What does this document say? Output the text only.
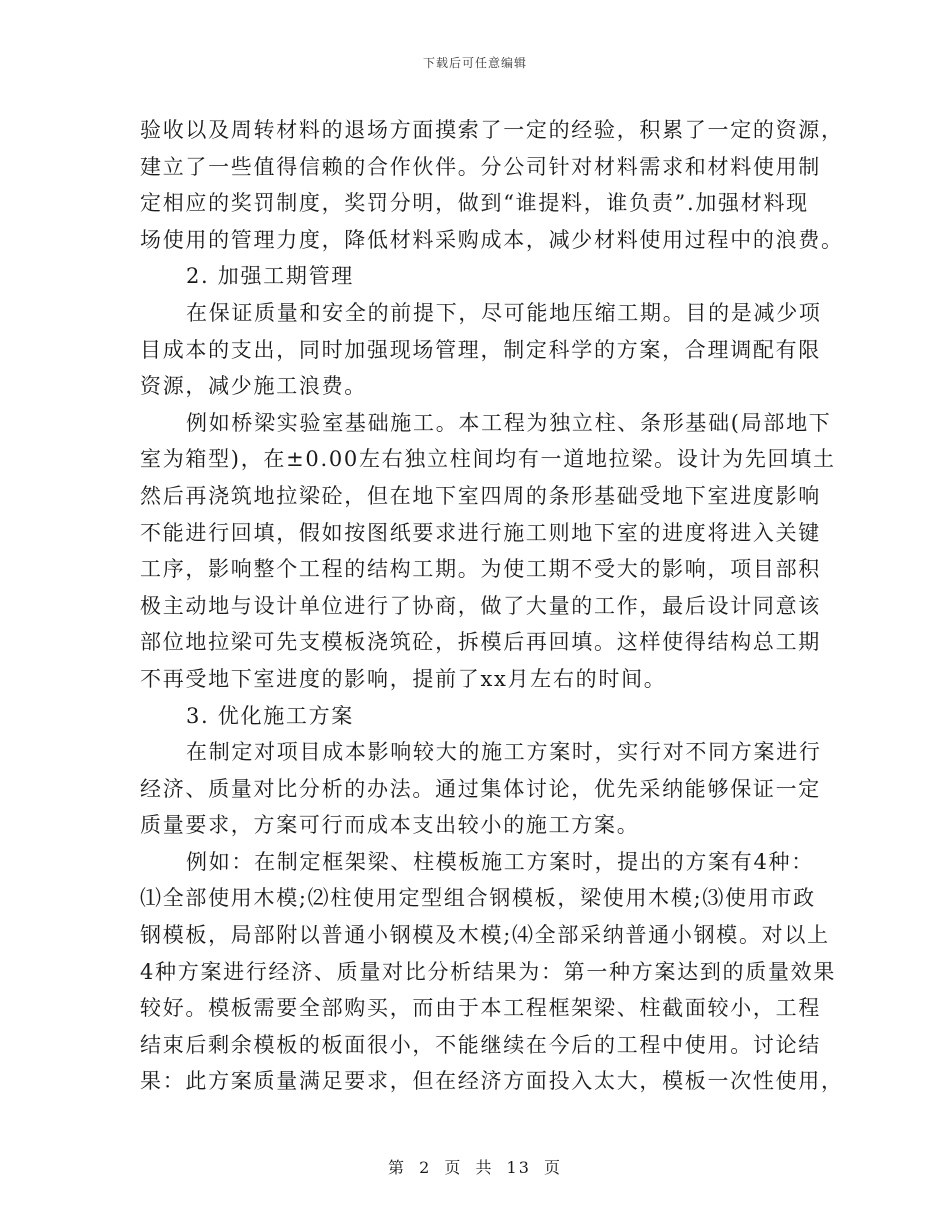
下载后可任意编辑
验收以及周转材料的退场方面摸索了一定的经验，积累了一定的资源，
建立了一些值得信赖的合作伙伴。分公司针对材料需求和材料使用制
定相应的奖罚制度，奖罚分明，做到“谁提料，谁负责”.加强材料现
场使用的管理力度，降低材料采购成本，减少材料使用过程中的浪费。
2. 加强工期管理
在保证质量和安全的前提下，尽可能地压缩工期。目的是减少项
目成本的支出，同时加强现场管理，制定科学的方案，合理调配有限
资源，减少施工浪费。
例如桥梁实验室基础施工。本工程为独立柱、条形基础(局部地下
室为箱型)，在±0.00左右独立柱间均有一道地拉梁。设计为先回填土
然后再浇筑地拉梁砼，但在地下室四周的条形基础受地下室进度影响
不能进行回填，假如按图纸要求进行施工则地下室的进度将进入关键
工序，影响整个工程的结构工期。为使工期不受大的影响，项目部积
极主动地与设计单位进行了协商，做了大量的工作，最后设计同意该
部位地拉梁可先支模板浇筑砼，拆模后再回填。这样使得结构总工期
不再受地下室进度的影响，提前了xx月左右的时间。
3. 优化施工方案
在制定对项目成本影响较大的施工方案时，实行对不同方案进行
经济、质量对比分析的办法。通过集体讨论，优先采纳能够保证一定
质量要求，方案可行而成本支出较小的施工方案。
例如：在制定框架梁、柱模板施工方案时，提出的方案有4种：
⑴全部使用木模;⑵柱使用定型组合钢模板，梁使用木模;⑶使用市政
钢模板，局部附以普通小钢模及木模;⑷全部采纳普通小钢模。对以上
4种方案进行经济、质量对比分析结果为：第一种方案达到的质量效果
较好。模板需要全部购买，而由于本工程框架梁、柱截面较小，工程
结束后剩余模板的板面很小，不能继续在今后的工程中使用。讨论结
果：此方案质量满足要求，但在经济方面投入太大，模板一次性使用，
第 2 页 共 13 页
